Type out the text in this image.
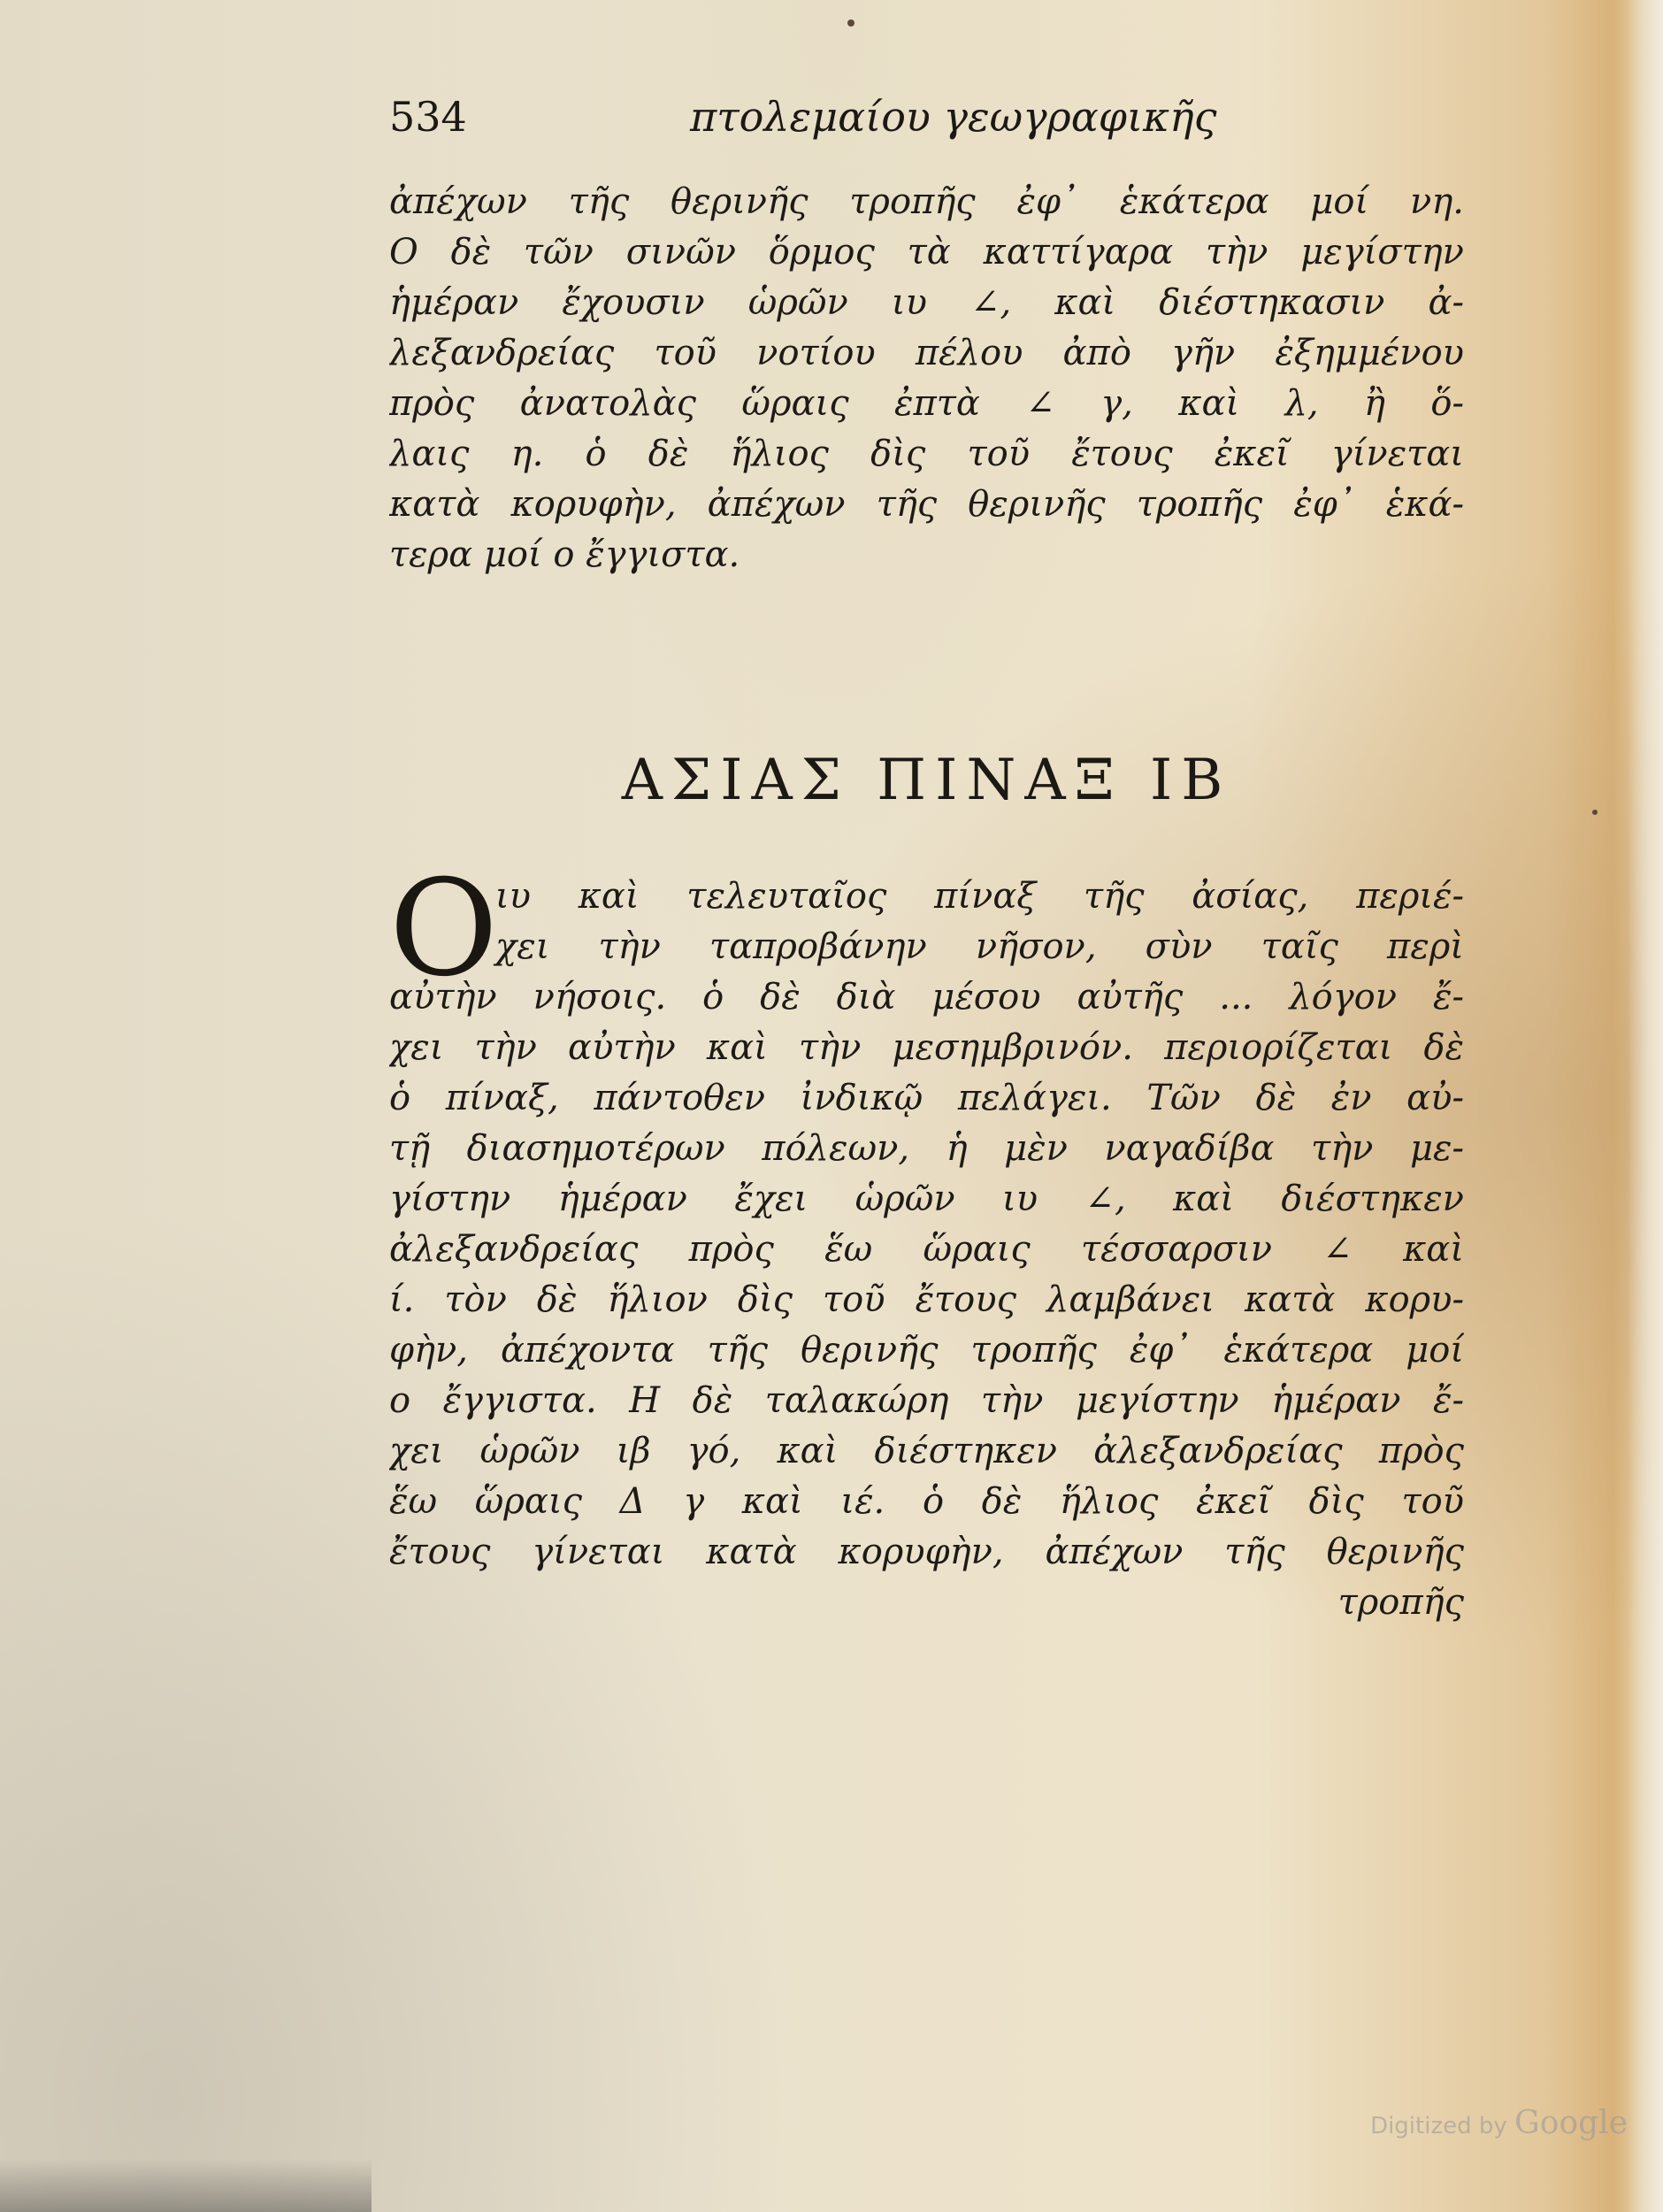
534	πτολεμαίου γεωγραφικῆς
ἀπέχων τῆς θερινῆς τροπῆς ἐφ᾽ ἑκάτερα μοί νη.
Ο δὲ τῶν σινῶν ὅρμος τὰ καττίγαρα τὴν μεγίστην
ἡμέραν ἔχουσιν ὡρῶν ιυ ∠, καὶ διέστηκασιν ἀ-
λεξανδρείας τοῦ νοτίου πέλου ἀπὸ γῆν ἐξημμένου
πρὸς ἀνατολὰς ὥραις ἐπτὰ ∠ γ, καὶ λ, ἢ ὅ-
λαις η. ὁ δὲ ἥλιος δὶς τοῦ ἔτους ἐκεῖ γίνεται
κατὰ κορυφὴν, ἀπέχων τῆς θερινῆς τροπῆς ἐφ᾽ ἑκά-
τερα μοί ο ἔγγιστα.
ΑΣΙΑΣ ΠΙΝΑΞ ΙΒ
Ο
ιυ καὶ τελευταῖος πίναξ τῆς ἀσίας, περιέ-
χει τὴν ταπροβάνην νῆσον, σὺν ταῖς περὶ
αὐτὴν νήσοις. ὁ δὲ διὰ μέσου αὐτῆς ... λόγον ἔ-
χει τὴν αὐτὴν καὶ τὴν μεσημβρινόν. περιορίζεται δὲ
ὁ πίναξ, πάντοθεν ἰνδικῷ πελάγει. Τῶν δὲ ἐν αὐ-
τῇ διασημοτέρων πόλεων, ἡ μὲν ναγαδίβα τὴν με-
γίστην ἡμέραν ἔχει ὡρῶν ιυ ∠, καὶ διέστηκεν
ἀλεξανδρείας πρὸς ἕω ὥραις τέσσαρσιν ∠ καὶ
ί. τὸν δὲ ἥλιον δὶς τοῦ ἔτους λαμβάνει κατὰ κορυ-
φὴν, ἀπέχοντα τῆς θερινῆς τροπῆς ἐφ᾽ ἑκάτερα μοί
ο ἔγγιστα. Η δὲ ταλακώρη τὴν μεγίστην ἡμέραν ἔ-
χει ὡρῶν ιβ γό, καὶ διέστηκεν ἀλεξανδρείας πρὸς
ἕω ὥραις Δ γ καὶ ιέ. ὁ δὲ ἥλιος ἐκεῖ δὶς τοῦ
ἔτους γίνεται κατὰ κορυφὴν, ἀπέχων τῆς θερινῆς
τροπῆς
Digitized by Google
